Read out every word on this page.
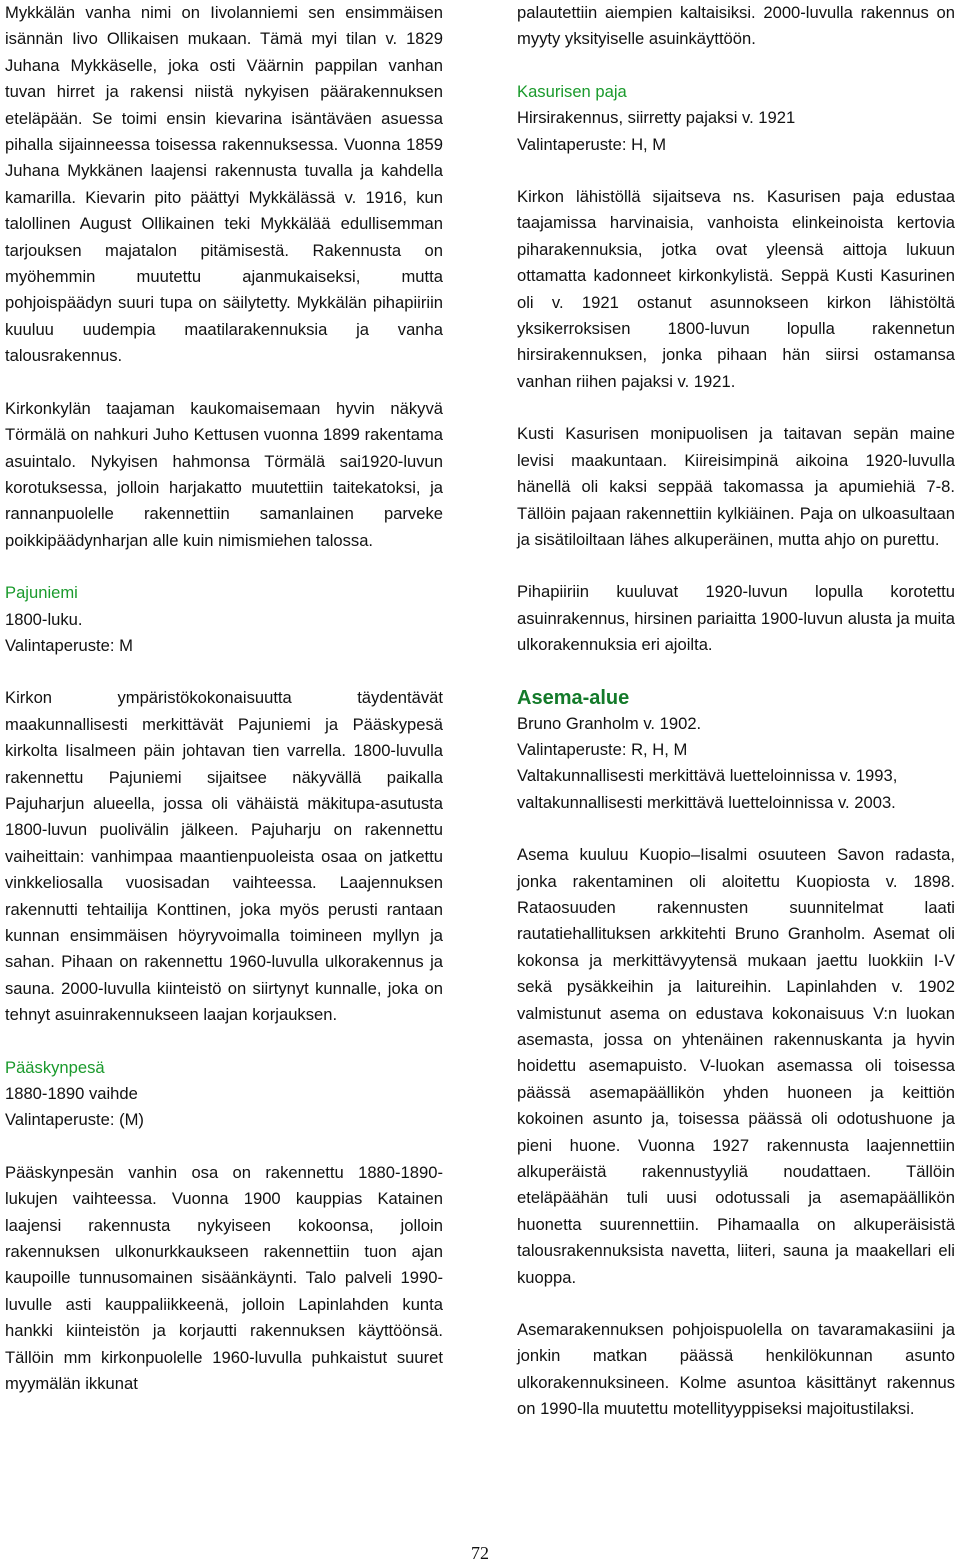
Mykkälän vanha nimi on Iivolanniemi sen ensimmäisen isännän Iivo Ollikaisen mukaan. Tämä myi tilan v. 1829 Juhana Mykkäselle, joka osti Väärnin pappilan vanhan tuvan hirret ja rakensi niistä nykyisen päärakennuksen eteläpään. Se toimi ensin kievarina isäntäväen asuessa pihalla sijainneessa toisessa rakennuksessa. Vuonna 1859 Juhana Mykkänen laajensi rakennusta tuvalla ja kahdella kamarilla. Kievarin pito päättyi Mykkälässä v. 1916, kun talollinen August Ollikainen teki Mykkälää edullisemman tarjouksen majatalon pitämisestä. Rakennusta on myöhemmin muutettu ajanmukaiseksi, mutta pohjoispäädyn suuri tupa on säilytetty. Mykkälän pihapiiriin kuuluu uudempia maatilarakennuksia ja vanha talousrakennus.

Kirkonkylän taajaman kaukomaisemaan hyvin näkyvä Törmälä on nahkuri Juho Kettusen vuonna 1899 rakentama asuintalo. Nykyisen hahmonsa Törmälä sai1920-luvun korotuksessa, jolloin harjakatto muutettiin taitekatoksi, ja rannanpuolelle rakennettiin samanlainen parveke poikkipäädynharjan alle kuin nimismiehen talossa.

Pajuniemi
1800-luku.
Valintaperuste: M

Kirkon ympäristökokonaisuutta täydentävät maakunnallisesti merkittävät Pajuniemi ja Pääskypesä kirkolta Iisalmeen päin johtavan tien varrella. 1800-luvulla rakennettu Pajuniemi sijaitsee näkyvällä paikalla Pajuharjun alueella, jossa oli vähäistä mäkitupa-asutusta 1800-luvun puolivälin jälkeen. Pajuharju on rakennettu vaiheittain: vanhimpaa maantienpuoleista osaa on jatkettu vinkkeliosalla vuosisadan vaihteessa. Laajennuksen rakennutti tehtailija Konttinen, joka myös perusti rantaan kunnan ensimmäisen höyryvoimalla toimineen myllyn ja sahan. Pihaan on rakennettu 1960-luvulla ulkorakennus ja sauna. 2000-luvulla kiinteistö on siirtynyt kunnalle, joka on tehnyt asuinrakennukseen laajan korjauksen.

Pääskynpesä
1880-1890 vaihde
Valintaperuste: (M)

Pääskynpesän vanhin osa on rakennettu 1880-1890-lukujen vaihteessa. Vuonna 1900 kauppias Katainen laajensi rakennusta nykyiseen kokoonsa, jolloin rakennuksen ulkonurkkaukseen rakennettiin tuon ajan kaupoille tunnusomainen sisäänkäynti. Talo palveli 1990-luvulle asti kauppaliikkeenä, jolloin Lapinlahden kunta hankki kiinteistön ja korjautti rakennuksen käyttöönsä. Tällöin mm kirkonpuolelle 1960-luvulla puhkaistut suuret myymälän ikkunat

palautettiin aiempien kaltaisiksi. 2000-luvulla rakennus on myyty yksityiselle asuinkäyttöön.

Kasurisen paja
Hirsirakennus, siirretty pajaksi v. 1921
Valintaperuste: H, M

Kirkon lähistöllä sijaitseva ns. Kasurisen paja edustaa taajamissa harvinaisia, vanhoista elinkeinoista kertovia piharakennuksia, jotka ovat yleensä aittoja lukuun ottamatta kadonneet kirkonkylistä. Seppä Kusti Kasurinen oli v. 1921 ostanut asunnokseen kirkon lähistöltä yksikerroksisen 1800-luvun lopulla rakennetun hirsirakennuksen, jonka pihaan hän siirsi ostamansa vanhan riihen pajaksi v. 1921.

Kusti Kasurisen monipuolisen ja taitavan sepän maine levisi maakuntaan. Kiireisimpinä aikoina 1920-luvulla hänellä oli kaksi seppää takomassa ja apumiehiä 7-8. Tällöin pajaan rakennettiin kylkiäinen. Paja on ulkoasultaan ja sisätiloiltaan lähes alkuperäinen, mutta ahjo on purettu.

Pihapiiriin kuuluvat 1920-luvun lopulla korotettu asuinrakennus, hirsinen pariaitta 1900-luvun alusta ja muita ulkorakennuksia eri ajoilta.

Asema-alue
Bruno Granholm v. 1902.
Valintaperuste: R, H, M
Valtakunnallisesti merkittävä luetteloinnissa v. 1993,
valtakunnallisesti merkittävä luetteloinnissa v. 2003.

Asema kuuluu Kuopio–Iisalmi osuuteen Savon radasta, jonka rakentaminen oli aloitettu Kuopiosta v. 1898. Rataosuuden rakennusten suunnitelmat laati rautatiehallituksen arkkitehti Bruno Granholm. Asemat oli kokonsa ja merkittävyytensä mukaan jaettu luokkiin I-V sekä pysäkkeihin ja laitureihin. Lapinlahden v. 1902 valmistunut asema on edustava kokonaisuus V:n luokan asemasta, jossa on yhtenäinen rakennuskanta ja hyvin hoidettu asemapuisto. V-luokan asemassa oli toisessa päässä asemapäällikön yhden huoneen ja keittiön kokoinen asunto ja, toisessa päässä oli odotushuone ja pieni huone. Vuonna 1927 rakennusta laajennettiin alkuperäistä rakennustyyliä noudattaen. Tällöin eteläpäähän tuli uusi odotussali ja asemapäällikön huonetta suurennettiin. Pihamaalla on alkuperäisistä talousrakennuksista navetta, liiteri, sauna ja maakellari eli kuoppa.

Asemarakennuksen pohjoispuolella on tavaramakasiini ja jonkin matkan päässä henkilökunnan asunto ulkorakennuksineen. Kolme asuntoa käsittänyt rakennus on 1990-lla muutettu motellityyppiseksi majoitustilaksi.

72
